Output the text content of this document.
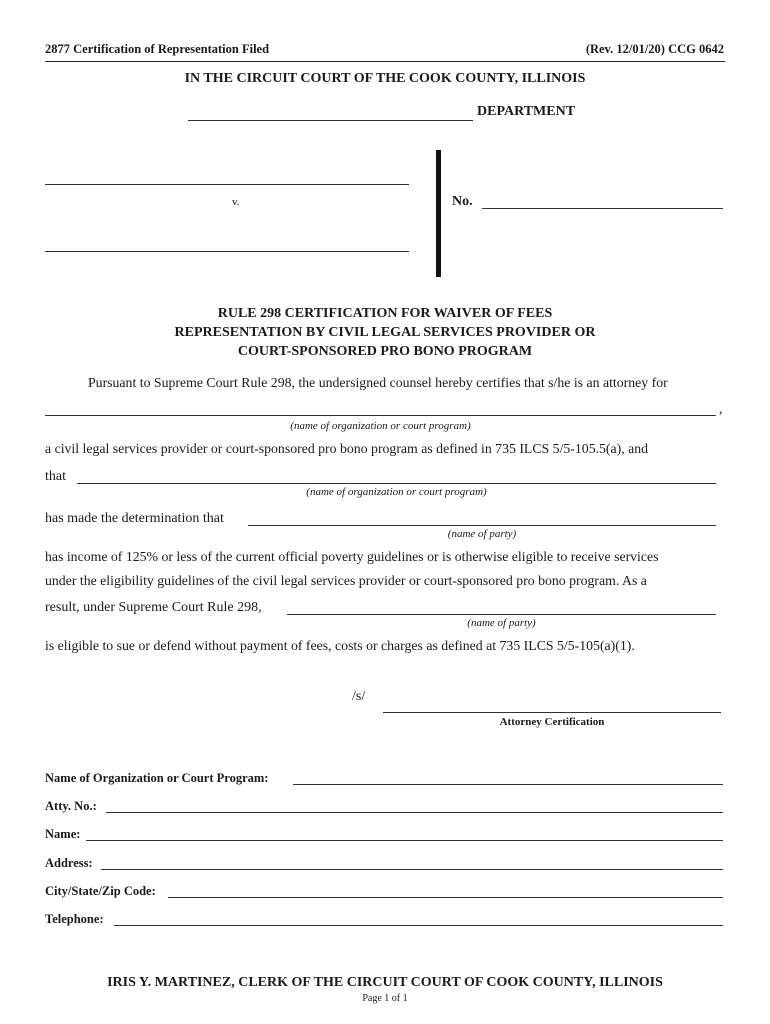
2877 Certification of Representation Filed	(Rev. 12/01/20) CCG 0642
IN THE CIRCUIT COURT OF THE COOK COUNTY, ILLINOIS
DEPARTMENT
v.	No.
RULE 298 CERTIFICATION FOR WAIVER OF FEES
REPRESENTATION BY CIVIL LEGAL SERVICES PROVIDER OR
COURT-SPONSORED PRO BONO PROGRAM
Pursuant to Supreme Court Rule 298, the undersigned counsel hereby certifies that s/he is an attorney for
,
(name of organization or court program)
a civil legal services provider or court-sponsored pro bono program as defined in 735 ILCS 5/5-105.5(a), and
that
(name of organization or court program)
has made the determination that
(name of party)
has income of 125% or less of the current official poverty guidelines or is otherwise eligible to receive services
under the eligibility guidelines of the civil legal services provider or court-sponsored pro bono program. As a
result, under Supreme Court Rule 298,
(name of party)
is eligible to sue or defend without payment of fees, costs or charges as defined at 735 ILCS 5/5-105(a)(1).
/s/
Attorney Certification
Name of Organization or Court Program:
Atty. No.:
Name:
Address:
City/State/Zip Code:
Telephone:
IRIS Y. MARTINEZ, CLERK OF THE CIRCUIT COURT OF COOK COUNTY, ILLINOIS
Page 1 of 1
